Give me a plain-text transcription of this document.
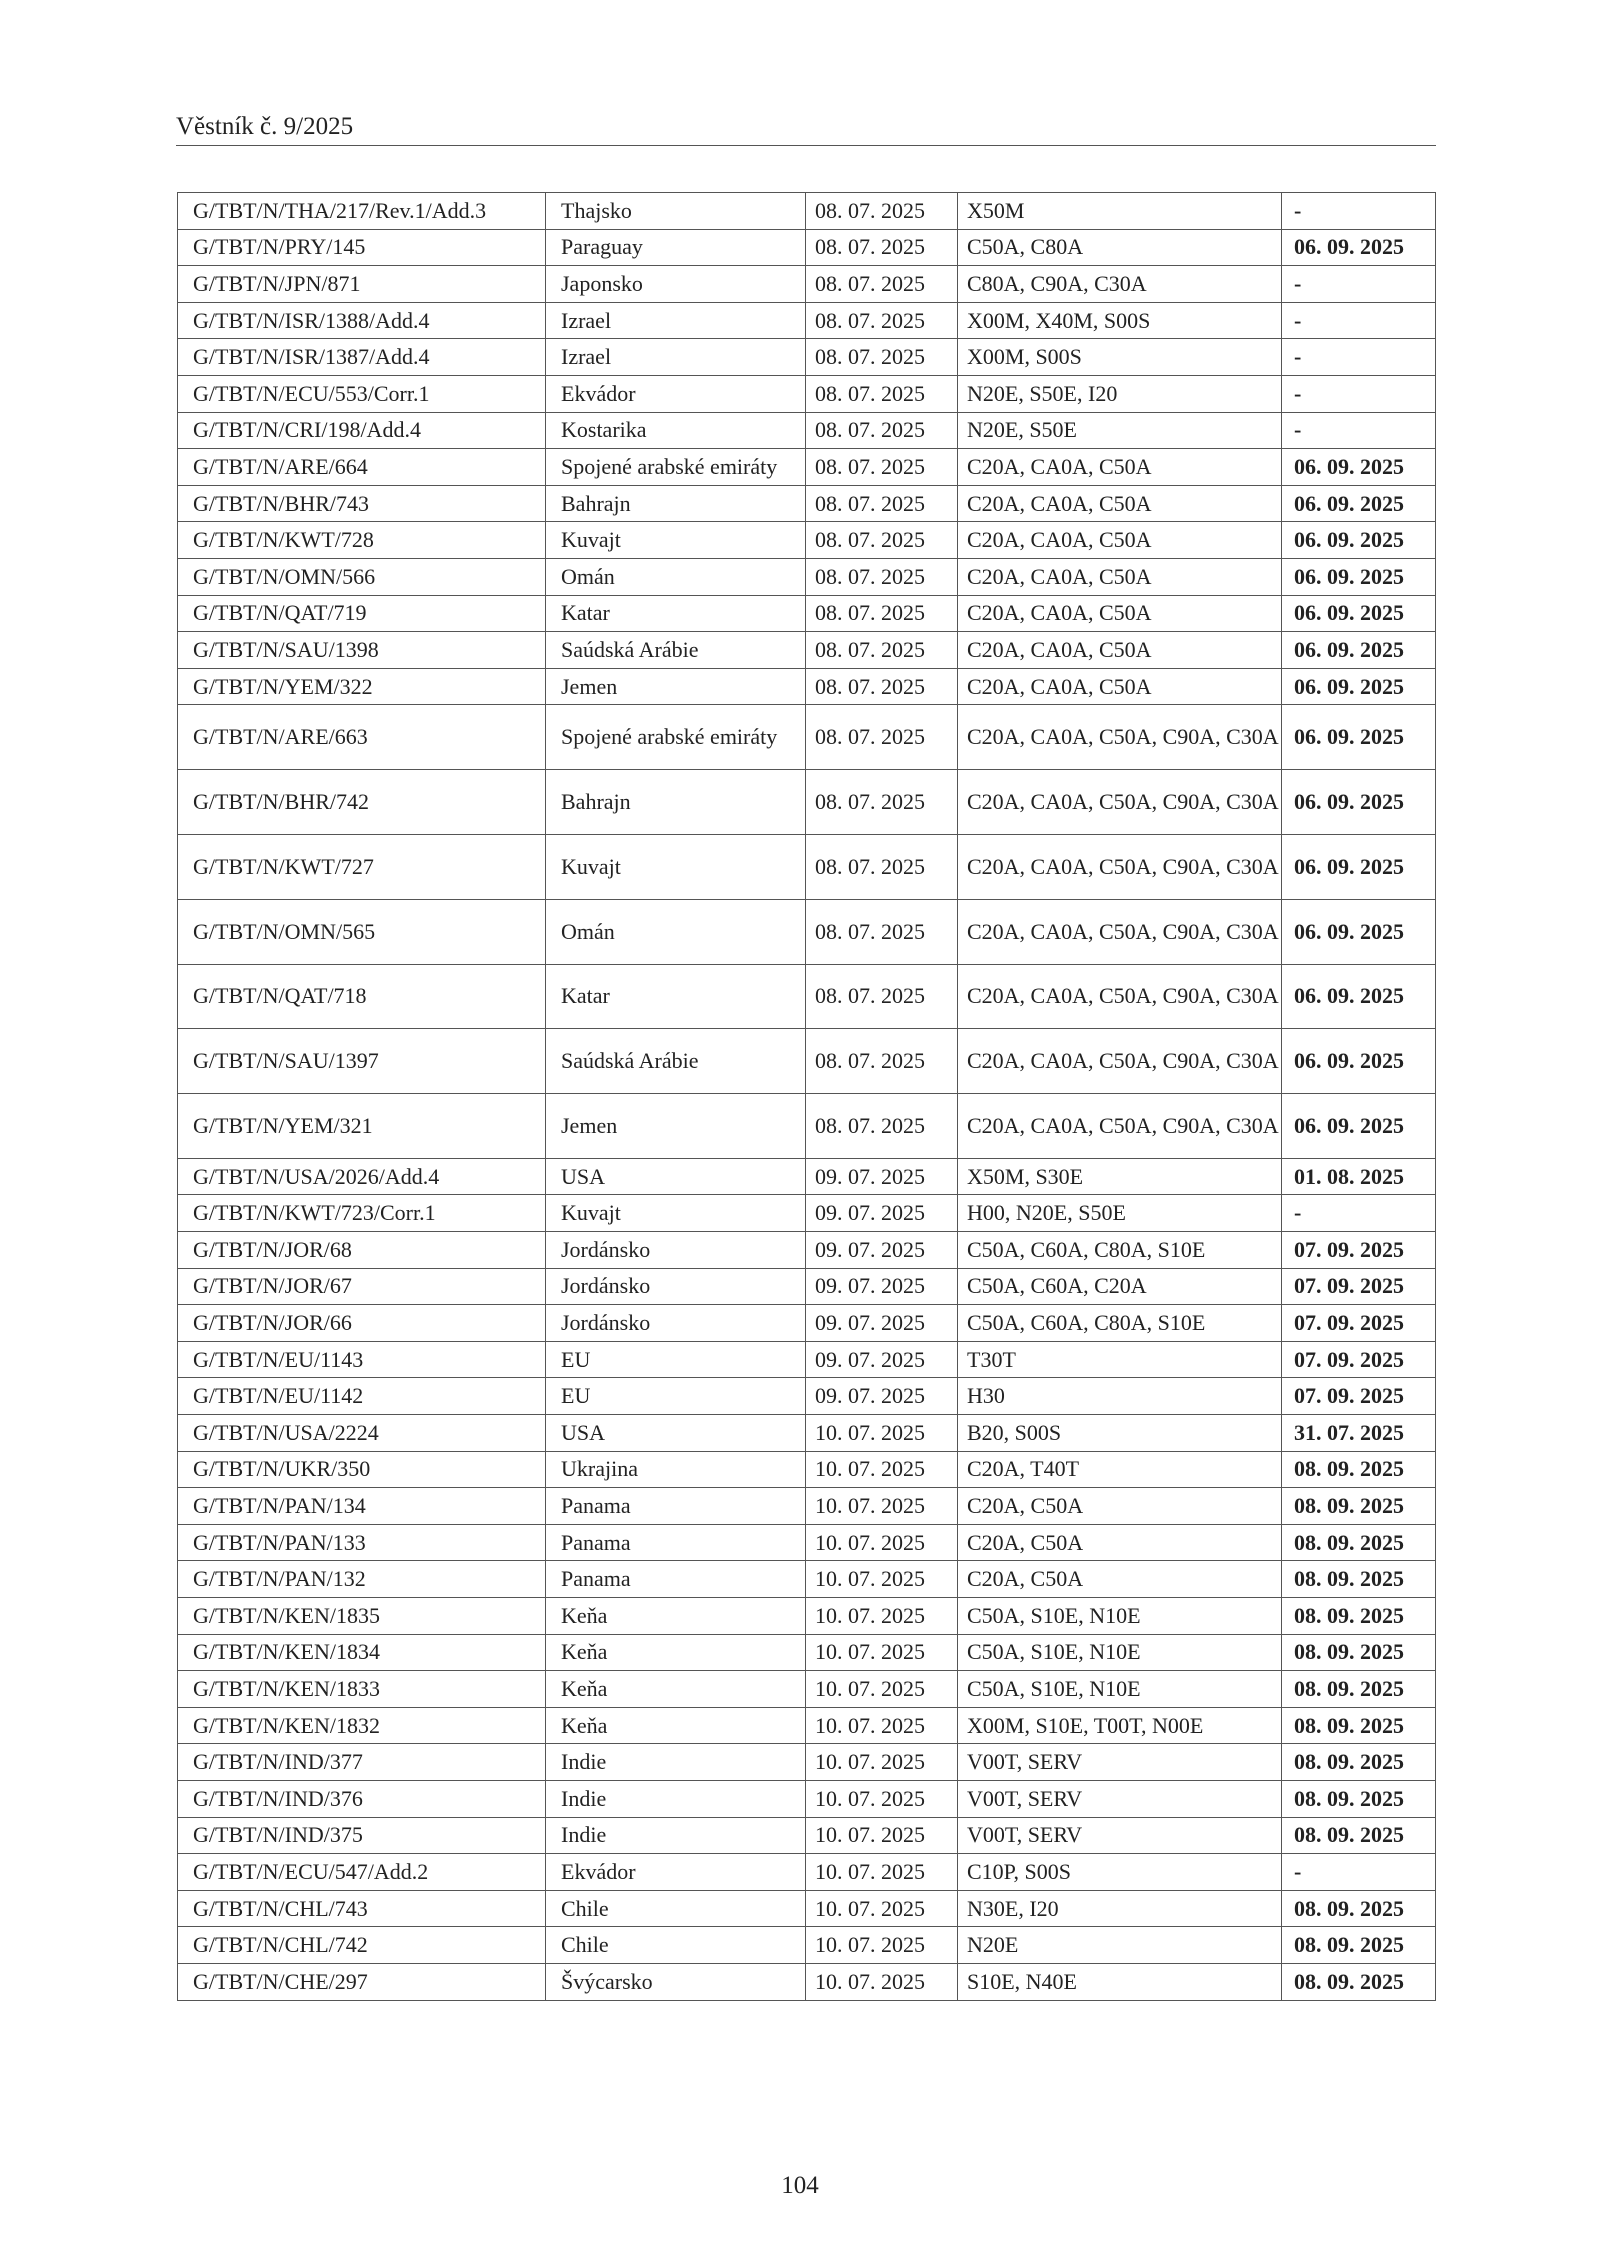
Věstník č. 9/2025
G/TBT/N/THA/217/Rev.1/Add.3	Thajsko	08. 07. 2025	X50M	-
G/TBT/N/PRY/145	Paraguay	08. 07. 2025	C50A, C80A	06. 09. 2025
G/TBT/N/JPN/871	Japonsko	08. 07. 2025	C80A, C90A, C30A	-
G/TBT/N/ISR/1388/Add.4	Izrael	08. 07. 2025	X00M, X40M, S00S	-
G/TBT/N/ISR/1387/Add.4	Izrael	08. 07. 2025	X00M, S00S	-
G/TBT/N/ECU/553/Corr.1	Ekvádor	08. 07. 2025	N20E, S50E, I20	-
G/TBT/N/CRI/198/Add.4	Kostarika	08. 07. 2025	N20E, S50E	-
G/TBT/N/ARE/664	Spojené arabské emiráty	08. 07. 2025	C20A, CA0A, C50A	06. 09. 2025
G/TBT/N/BHR/743	Bahrajn	08. 07. 2025	C20A, CA0A, C50A	06. 09. 2025
G/TBT/N/KWT/728	Kuvajt	08. 07. 2025	C20A, CA0A, C50A	06. 09. 2025
G/TBT/N/OMN/566	Omán	08. 07. 2025	C20A, CA0A, C50A	06. 09. 2025
G/TBT/N/QAT/719	Katar	08. 07. 2025	C20A, CA0A, C50A	06. 09. 2025
G/TBT/N/SAU/1398	Saúdská Arábie	08. 07. 2025	C20A, CA0A, C50A	06. 09. 2025
G/TBT/N/YEM/322	Jemen	08. 07. 2025	C20A, CA0A, C50A	06. 09. 2025
G/TBT/N/ARE/663	Spojené arabské emiráty	08. 07. 2025	C20A, CA0A, C50A, C90A, C30A	06. 09. 2025
G/TBT/N/BHR/742	Bahrajn	08. 07. 2025	C20A, CA0A, C50A, C90A, C30A	06. 09. 2025
G/TBT/N/KWT/727	Kuvajt	08. 07. 2025	C20A, CA0A, C50A, C90A, C30A	06. 09. 2025
G/TBT/N/OMN/565	Omán	08. 07. 2025	C20A, CA0A, C50A, C90A, C30A	06. 09. 2025
G/TBT/N/QAT/718	Katar	08. 07. 2025	C20A, CA0A, C50A, C90A, C30A	06. 09. 2025
G/TBT/N/SAU/1397	Saúdská Arábie	08. 07. 2025	C20A, CA0A, C50A, C90A, C30A	06. 09. 2025
G/TBT/N/YEM/321	Jemen	08. 07. 2025	C20A, CA0A, C50A, C90A, C30A	06. 09. 2025
G/TBT/N/USA/2026/Add.4	USA	09. 07. 2025	X50M, S30E	01. 08. 2025
G/TBT/N/KWT/723/Corr.1	Kuvajt	09. 07. 2025	H00, N20E, S50E	-
G/TBT/N/JOR/68	Jordánsko	09. 07. 2025	C50A, C60A, C80A, S10E	07. 09. 2025
G/TBT/N/JOR/67	Jordánsko	09. 07. 2025	C50A, C60A, C20A	07. 09. 2025
G/TBT/N/JOR/66	Jordánsko	09. 07. 2025	C50A, C60A, C80A, S10E	07. 09. 2025
G/TBT/N/EU/1143	EU	09. 07. 2025	T30T	07. 09. 2025
G/TBT/N/EU/1142	EU	09. 07. 2025	H30	07. 09. 2025
G/TBT/N/USA/2224	USA	10. 07. 2025	B20, S00S	31. 07. 2025
G/TBT/N/UKR/350	Ukrajina	10. 07. 2025	C20A, T40T	08. 09. 2025
G/TBT/N/PAN/134	Panama	10. 07. 2025	C20A, C50A	08. 09. 2025
G/TBT/N/PAN/133	Panama	10. 07. 2025	C20A, C50A	08. 09. 2025
G/TBT/N/PAN/132	Panama	10. 07. 2025	C20A, C50A	08. 09. 2025
G/TBT/N/KEN/1835	Keňa	10. 07. 2025	C50A, S10E, N10E	08. 09. 2025
G/TBT/N/KEN/1834	Keňa	10. 07. 2025	C50A, S10E, N10E	08. 09. 2025
G/TBT/N/KEN/1833	Keňa	10. 07. 2025	C50A, S10E, N10E	08. 09. 2025
G/TBT/N/KEN/1832	Keňa	10. 07. 2025	X00M, S10E, T00T, N00E	08. 09. 2025
G/TBT/N/IND/377	Indie	10. 07. 2025	V00T, SERV	08. 09. 2025
G/TBT/N/IND/376	Indie	10. 07. 2025	V00T, SERV	08. 09. 2025
G/TBT/N/IND/375	Indie	10. 07. 2025	V00T, SERV	08. 09. 2025
G/TBT/N/ECU/547/Add.2	Ekvádor	10. 07. 2025	C10P, S00S	-
G/TBT/N/CHL/743	Chile	10. 07. 2025	N30E, I20	08. 09. 2025
G/TBT/N/CHL/742	Chile	10. 07. 2025	N20E	08. 09. 2025
G/TBT/N/CHE/297	Švýcarsko	10. 07. 2025	S10E, N40E	08. 09. 2025
104
